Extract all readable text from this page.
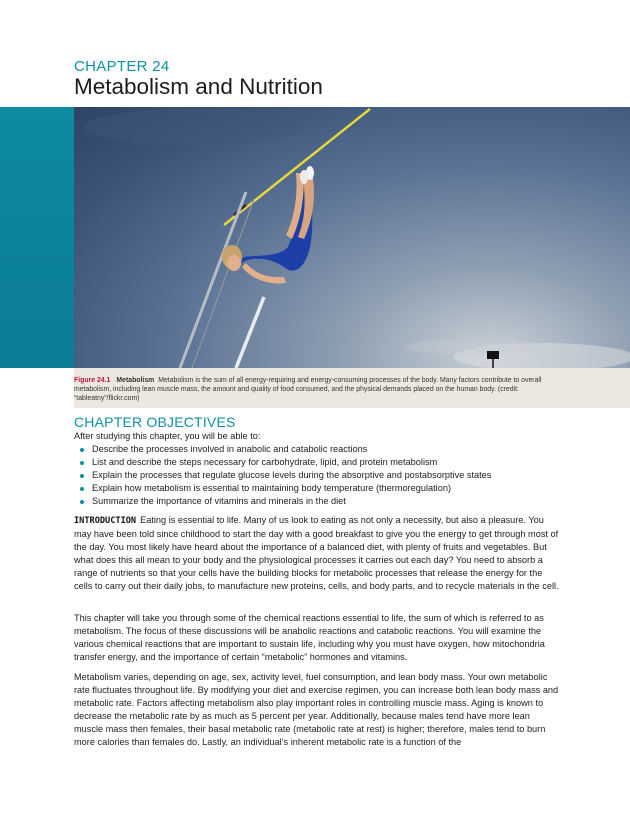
CHAPTER 24
Metabolism and Nutrition
Figure 24.1 Metabolism Metabolism is the sum of all energy-requiring and energy-consuming processes of the body. Many factors contribute to overall metabolism, including lean muscle mass, the amount and quality of food consumed, and the physical demands placed on the human body. (credit: “tableatny”/flickr.com)
CHAPTER OBJECTIVES
After studying this chapter, you will be able to:
Describe the processes involved in anabolic and catabolic reactions
List and describe the steps necessary for carbohydrate, lipid, and protein metabolism
Explain the processes that regulate glucose levels during the absorptive and postabsorptive states
Explain how metabolism is essential to maintaining body temperature (thermoregulation)
Summarize the importance of vitamins and minerals in the diet

INTRODUCTION Eating is essential to life. Many of us look to eating as not only a necessity, but also a pleasure. You may have been told since childhood to start the day with a good breakfast to give you the energy to get through most of the day. You most likely have heard about the importance of a balanced diet, with plenty of fruits and vegetables. But what does this all mean to your body and the physiological processes it carries out each day? You need to absorb a range of nutrients so that your cells have the building blocks for metabolic processes that release the energy for the cells to carry out their daily jobs, to manufacture new proteins, cells, and body parts, and to recycle materials in the cell.

This chapter will take you through some of the chemical reactions essential to life, the sum of which is referred to as metabolism. The focus of these discussions will be anabolic reactions and catabolic reactions. You will examine the various chemical reactions that are important to sustain life, including why you must have oxygen, how mitochondria transfer energy, and the importance of certain “metabolic” hormones and vitamins.

Metabolism varies, depending on age, sex, activity level, fuel consumption, and lean body mass. Your own metabolic rate fluctuates throughout life. By modifying your diet and exercise regimen, you can increase both lean body mass and metabolic rate. Factors affecting metabolism also play important roles in controlling muscle mass. Aging is known to decrease the metabolic rate by as much as 5 percent per year. Additionally, because males tend have more lean muscle mass then females, their basal metabolic rate (metabolic rate at rest) is higher; therefore, males tend to burn more calories than females do. Lastly, an individual’s inherent metabolic rate is a function of the
